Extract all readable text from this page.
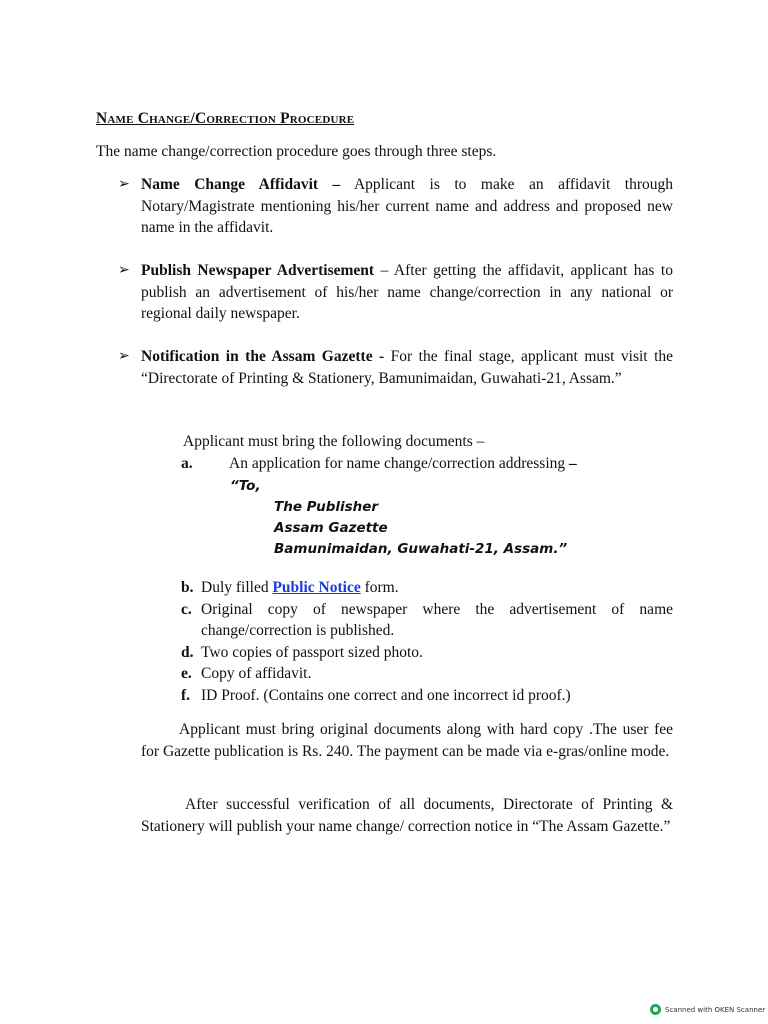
Name Change/Correction Procedure
The name change/correction procedure goes through three steps.
➢ Name Change Affidavit – Applicant is to make an affidavit through Notary/Magistrate mentioning his/her current name and address and proposed new name in the affidavit.
➢ Publish Newspaper Advertisement – After getting the affidavit, applicant has to publish an advertisement of his/her name change/correction in any national or regional daily newspaper.
➢ Notification in the Assam Gazette - For the final stage, applicant must visit the “Directorate of Printing & Stationery, Bamunimaidan, Guwahati-21, Assam.”
Applicant must bring the following documents –
a. An application for name change/correction addressing –
“To,
The Publisher
Assam Gazette
Bamunimaidan, Guwahati-21, Assam.”
b. Duly filled Public Notice form.
c. Original copy of newspaper where the advertisement of name change/correction is published.
d. Two copies of passport sized photo.
e. Copy of affidavit.
f. ID Proof. (Contains one correct and one incorrect id proof.)
Applicant must bring original documents along with hard copy .The user fee for Gazette publication is Rs. 240. The payment can be made via e-gras/online mode.
After successful verification of all documents, Directorate of Printing & Stationery will publish your name change/ correction notice in “The Assam Gazette.”
Scanned with OKEN Scanner
